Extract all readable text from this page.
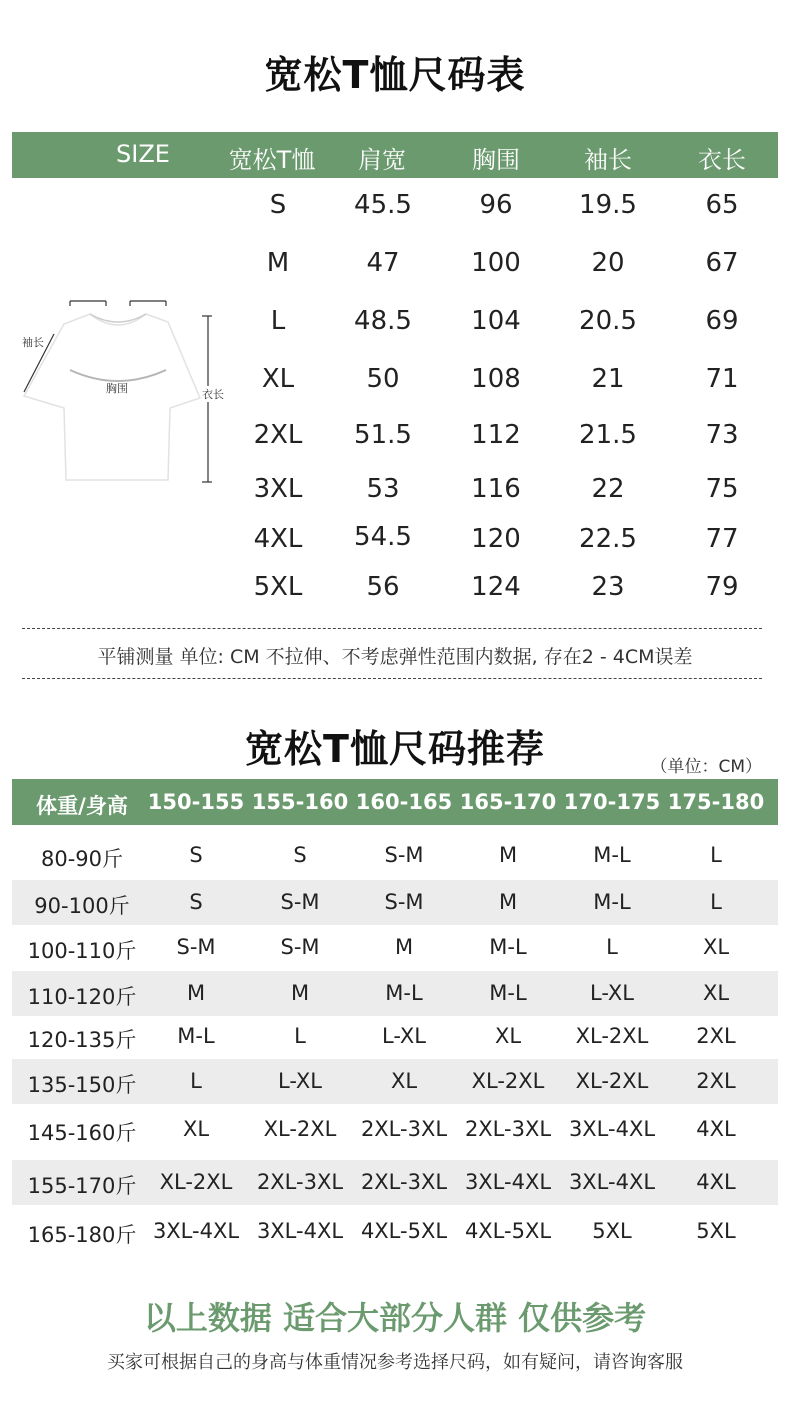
宽松T恤尺码表
SIZE	宽松T恤	肩宽	胸围	袖长	衣长
S	45.5	96	19.5	65
M	47	100	20	67
L	48.5	104	20.5	69
XL	50	108	21	71
2XL	51.5	112	21.5	73
3XL	53	116	22	75
4XL	54.5	120	22.5	77
5XL	56	124	23	79
袖长
胸围	衣长
平铺测量 单位: CM 不拉伸、不考虑弹性范围内数据, 存在2 - 4CM误差
宽松T恤尺码推荐	（单位：CM）
体重/身高 150-155 155-160 160-165 165-170 170-175 175-180
80-90斤	S	S	S-M	M	M-L	L
90-100斤	S	S-M	S-M	M	M-L	L
100-110斤	S-M	S-M	M	M-L	L	XL
110-120斤	M	M	M-L	M-L	L-XL	XL
120-135斤	M-L	L	L-XL	XL	XL-2XL	2XL
135-150斤	L	L-XL	XL	XL-2XL	XL-2XL	2XL
145-160斤	XL	XL-2XL	2XL-3XL 2XL-3XL 3XL-4XL	4XL
155-170斤	XL-2XL	2XL-3XL 2XL-3XL 3XL-4XL 3XL-4XL	4XL
165-180斤 3XL-4XL 3XL-4XL 4XL-5XL 4XL-5XL	5XL	5XL
以上数据 适合大部分人群 仅供参考
买家可根据自己的身高与体重情况参考选择尺码，如有疑问，请咨询客服
